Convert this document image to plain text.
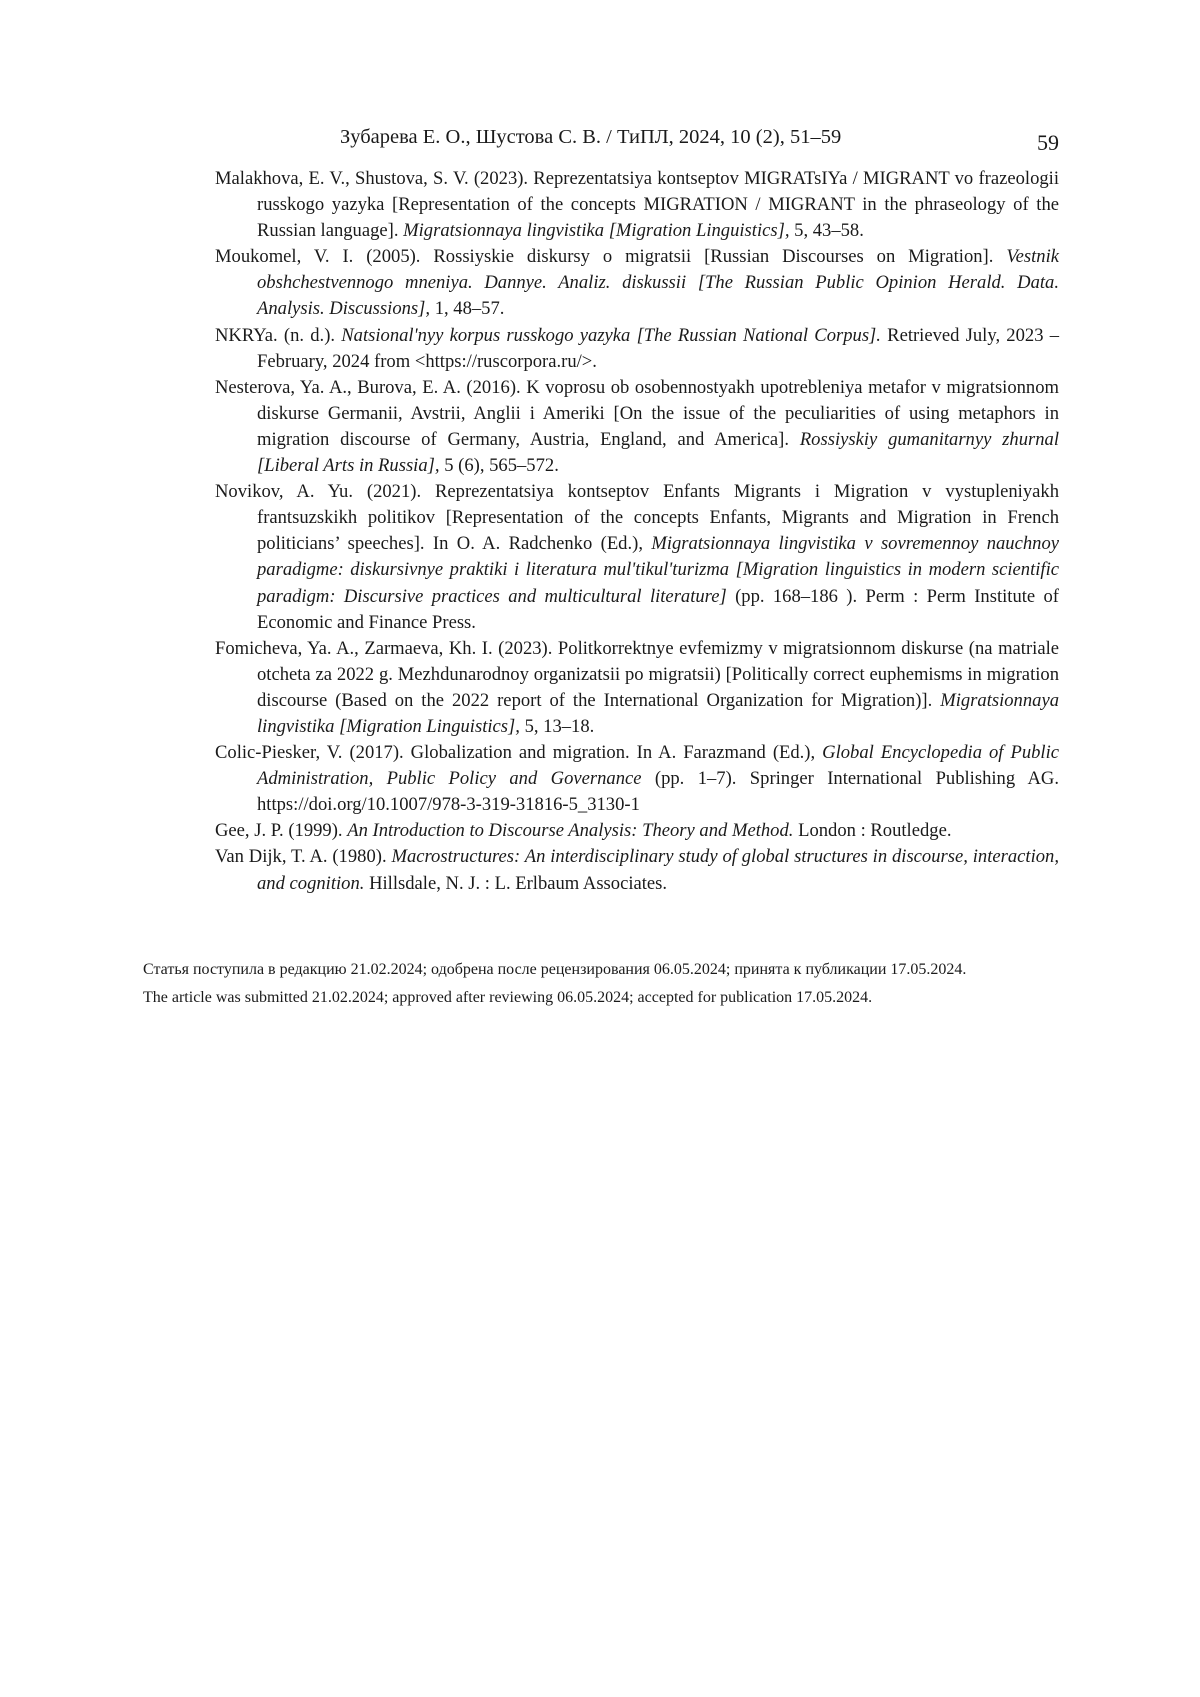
Зубарева Е. О., Шустова С. В. / ТиПЛ, 2024, 10 (2), 51–59	59

Malakhova, E. V., Shustova, S. V. (2023). Reprezentatsiya kontseptov MIGRATsIYa / MIGRANT vo frazeologii russkogo yazyka [Representation of the concepts MIGRATION / MIGRANT in the phraseology of the Russian language]. Migratsionnaya lingvistika [Migration Linguistics], 5, 43–58.

Moukomel, V. I. (2005). Rossiyskie diskursy o migratsii [Russian Discourses on Migration]. Vestnik obshchestvennogo mneniya. Dannye. Analiz. diskussii [The Russian Public Opinion Herald. Data. Analysis. Discussions], 1, 48–57.

NKRYa. (n. d.). Natsional'nyy korpus russkogo yazyka [The Russian National Corpus]. Retrieved July, 2023 – February, 2024 from <https://ruscorpora.ru/>.

Nesterova, Ya. A., Burova, E. A. (2016). K voprosu ob osobennostyakh upotrebleniya metafor v migratsionnom diskurse Germanii, Avstrii, Anglii i Ameriki [On the issue of the peculiarities of using metaphors in migration discourse of Germany, Austria, England, and America]. Rossiyskiy gumanitarnyy zhurnal [Liberal Arts in Russia], 5 (6), 565–572.

Novikov, A. Yu. (2021). Reprezentatsiya kontseptov Enfants Migrants i Migration v vystupleniyakh frantsuzskikh politikov [Representation of the concepts Enfants, Migrants and Migration in French politicians’ speeches]. In O. A. Radchenko (Ed.), Migratsionnaya lingvistika v sovremennoy nauchnoy paradigme: diskursivnye praktiki i literatura mul'tikul'turizma [Migration linguistics in modern scientific paradigm: Discursive practices and multicultural literature] (pp. 168–186 ). Perm : Perm Institute of Economic and Finance Press.

Fomicheva, Ya. A., Zarmaeva, Kh. I. (2023). Politkorrektnye evfemizmy v migratsionnom diskurse (na matriale otcheta za 2022 g. Mezhdunarodnoy organizatsii po migratsii) [Politically correct euphemisms in migration discourse (Based on the 2022 report of the International Organization for Migration)]. Migratsionnaya lingvistika [Migration Linguistics], 5, 13–18.

Colic-Piesker, V. (2017). Globalization and migration. In A. Farazmand (Ed.), Global Encyclopedia of Public Administration, Public Policy and Governance (pp. 1–7). Springer International Publishing AG. https://doi.org/10.1007/978-3-319-31816-5_3130-1

Gee, J. P. (1999). An Introduction to Discourse Analysis: Theory and Method. London : Routledge.

Van Dijk, T. A. (1980). Macrostructures: An interdisciplinary study of global structures in discourse, interaction, and cognition. Hillsdale, N. J. : L. Erlbaum Associates.

Статья поступила в редакцию 21.02.2024; одобрена после рецензирования 06.05.2024; принята к публикации 17.05.2024.
The article was submitted 21.02.2024; approved after reviewing 06.05.2024; accepted for publication 17.05.2024.
